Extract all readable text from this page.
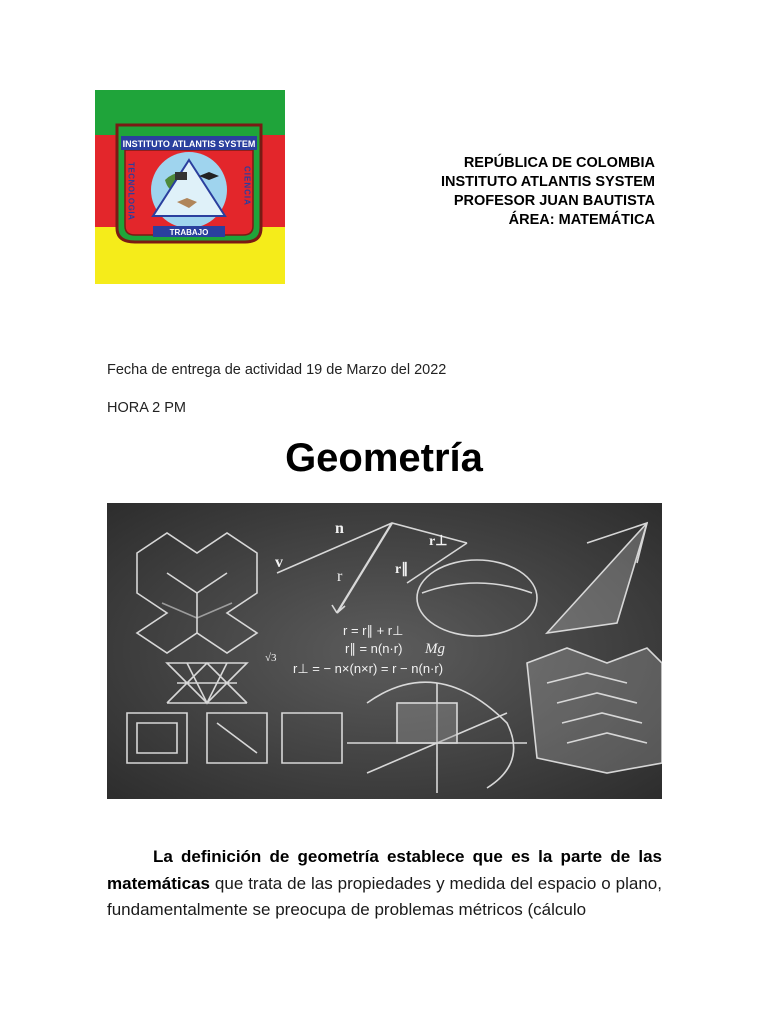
INSTITUTO ATLANTIS SYSTEM
TECNOLOGIA	CIENCIA
TRABAJO
REPÚBLICA DE COLOMBIA
INSTITUTO ATLANTIS SYSTEM
PROFESOR JUAN BAUTISTA
ÁREA: MATEMÁTICA
Fecha de entrega de actividad 19 de Marzo del 2022
HORA 2 PM
Geometría
n
v
r
r⊥
r∥
Mg
√3
r = r∥ + r⊥
r∥ = n(n·r)
r⊥ = − n×(n×r) = r − n(n·r)

La definición de geometría establece que es la parte de las matemáticas que trata de las propiedades y medida del espacio o plano, fundamentalmente se preocupa de problemas métricos (cálculo
